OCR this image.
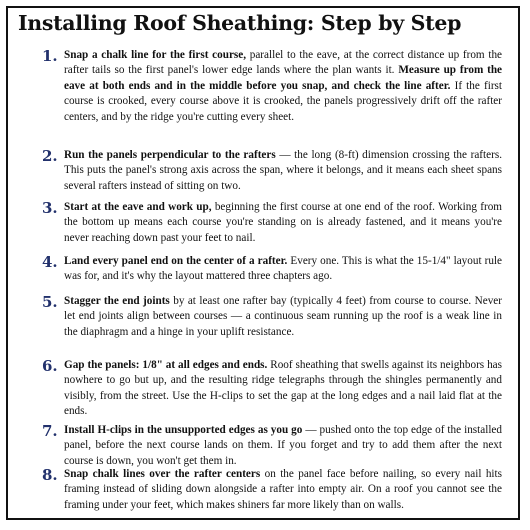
Installing Roof Sheathing: Step by Step
1. Snap a chalk line for the first course, parallel to the eave, at the correct distance up from the rafter tails so the first panel's lower edge lands where the plan wants it. Measure up from the eave at both ends and in the middle before you snap, and check the line after. If the first course is crooked, every course above it is crooked, the panels progressively drift off the rafter centers, and by the ridge you're cutting every sheet.
2. Run the panels perpendicular to the rafters — the long (8-ft) dimension crossing the rafters. This puts the panel's strong axis across the span, where it belongs, and it means each sheet spans several rafters instead of sitting on two.
3. Start at the eave and work up, beginning the first course at one end of the roof. Working from the bottom up means each course you're standing on is already fastened, and it means you're never reaching down past your feet to nail.
4. Land every panel end on the center of a rafter. Every one. This is what the 15-1/4" layout rule was for, and it's why the layout mattered three chapters ago.
5. Stagger the end joints by at least one rafter bay (typically 4 feet) from course to course. Never let end joints align between courses — a continuous seam running up the roof is a weak line in the diaphragm and a hinge in your uplift resistance.
6. Gap the panels: 1/8" at all edges and ends. Roof sheathing that swells against its neighbors has nowhere to go but up, and the resulting ridge telegraphs through the shingles permanently and visibly, from the street. Use the H-clips to set the gap at the long edges and a nail laid flat at the ends.
7. Install H-clips in the unsupported edges as you go — pushed onto the top edge of the installed panel, before the next course lands on them. If you forget and try to add them after the next course is down, you won't get them in.
8. Snap chalk lines over the rafter centers on the panel face before nailing, so every nail hits framing instead of sliding down alongside a rafter into empty air. On a roof you cannot see the framing under your feet, which makes shiners far more likely than on walls.
